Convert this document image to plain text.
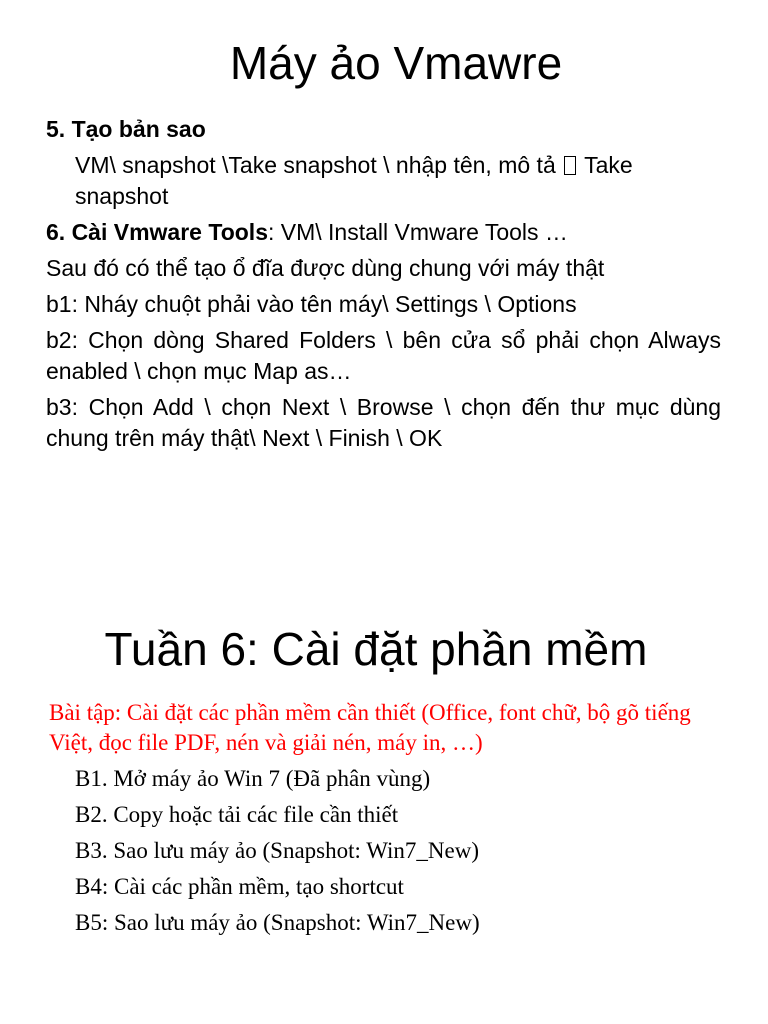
Máy ảo Vmawre

5. Tạo bản sao

VM\ snapshot \Take snapshot \ nhập tên, mô tả  Take snapshot

6. Cài Vmware Tools: VM\ Install Vmware Tools …

Sau đó có thể tạo ổ đĩa được dùng chung với máy thật

b1: Nháy chuột phải vào tên máy\ Settings \ Options

b2: Chọn dòng Shared Folders \ bên cửa sổ phải chọn Always enabled \ chọn mục Map as…

b3: Chọn Add \ chọn Next \ Browse \ chọn đến thư mục dùng chung trên máy thật\ Next \ Finish \ OK

Tuần 6: Cài đặt phần mềm

Bài tập: Cài đặt các phần mềm cần thiết (Office, font chữ, bộ gõ tiếng Việt, đọc file PDF, nén và giải nén, máy in, …)

B1. Mở máy ảo Win 7 (Đã phân vùng)
B2. Copy hoặc tải các file cần thiết
B3. Sao lưu máy ảo (Snapshot: Win7_New)
B4: Cài các phần mềm, tạo shortcut
B5: Sao lưu máy ảo (Snapshot: Win7_New)
